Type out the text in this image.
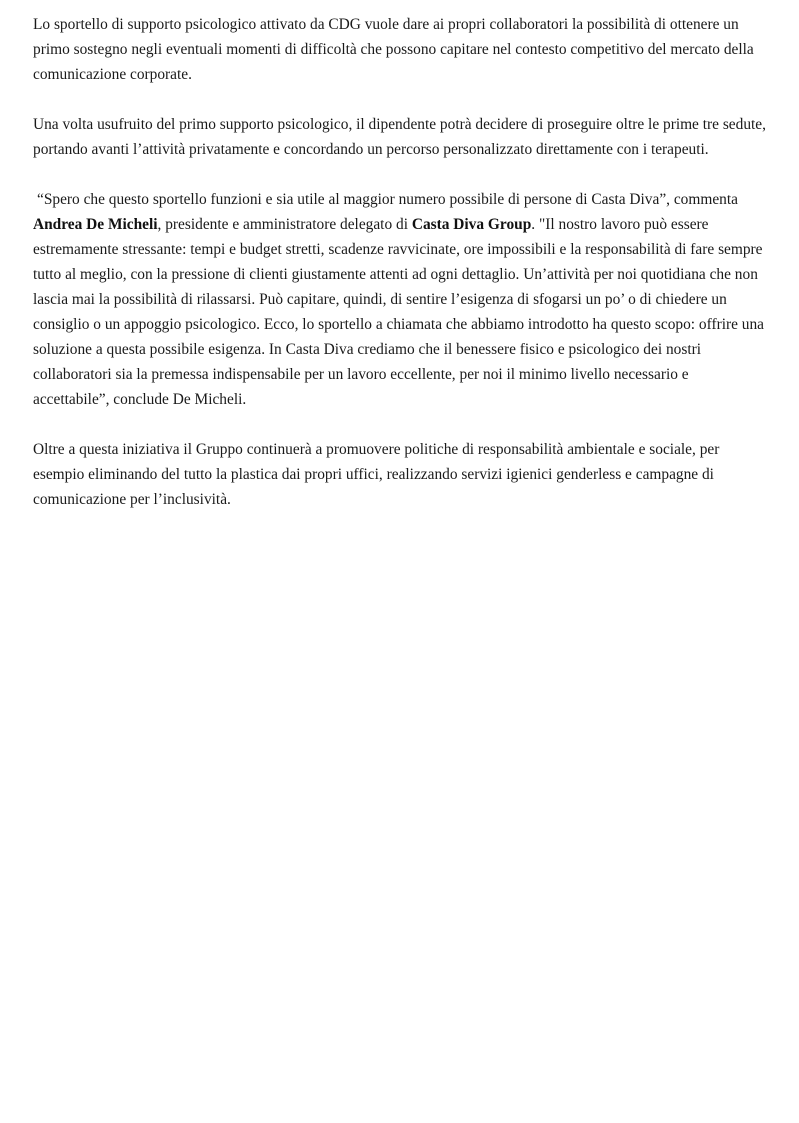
Lo sportello di supporto psicologico attivato da CDG vuole dare ai propri collaboratori la possibilità di ottenere un primo sostegno negli eventuali momenti di difficoltà che possono capitare nel contesto competitivo del mercato della comunicazione corporate.

Una volta usufruito del primo supporto psicologico, il dipendente potrà decidere di proseguire oltre le prime tre sedute, portando avanti l’attività privatamente e concordando un percorso personalizzato direttamente con i terapeuti.

“Spero che questo sportello funzioni e sia utile al maggior numero possibile di persone di Casta Diva”, commenta Andrea De Micheli, presidente e amministratore delegato di Casta Diva Group. "Il nostro lavoro può essere estremamente stressante: tempi e budget stretti, scadenze ravvicinate, ore impossibili e la responsabilità di fare sempre tutto al meglio, con la pressione di clienti giustamente attenti ad ogni dettaglio. Un’attività per noi quotidiana che non lascia mai la possibilità di rilassarsi. Può capitare, quindi, di sentire l’esigenza di sfogarsi un po’ o di chiedere un consiglio o un appoggio psicologico. Ecco, lo sportello a chiamata che abbiamo introdotto ha questo scopo: offrire una soluzione a questa possibile esigenza. In Casta Diva crediamo che il benessere fisico e psicologico dei nostri collaboratori sia la premessa indispensabile per un lavoro eccellente, per noi il minimo livello necessario e accettabile”, conclude De Micheli.

Oltre a questa iniziativa il Gruppo continuerà a promuovere politiche di responsabilità ambientale e sociale, per esempio eliminando del tutto la plastica dai propri uffici, realizzando servizi igienici genderless e campagne di comunicazione per l’inclusività.
